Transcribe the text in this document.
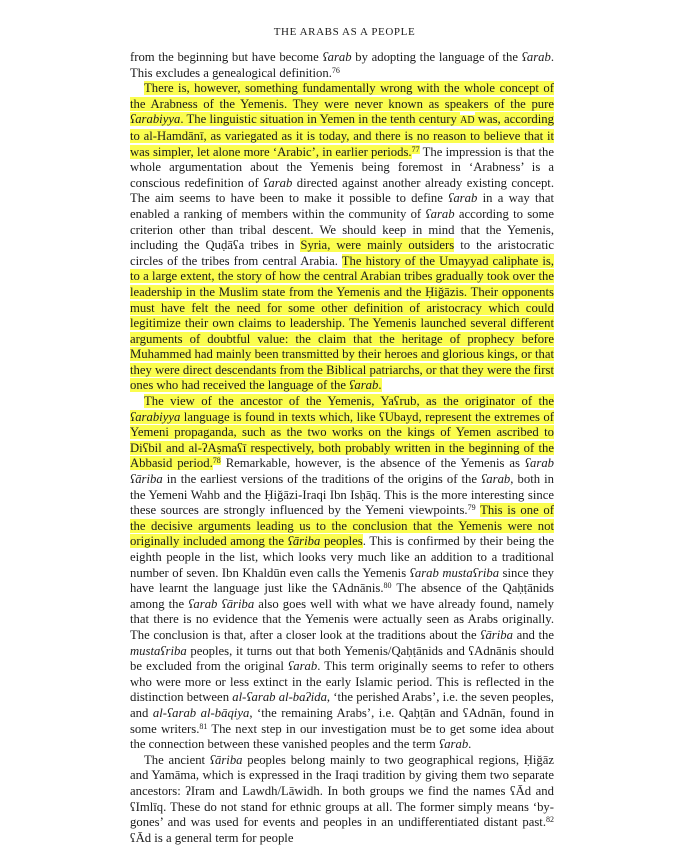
THE ARABS AS A PEOPLE

from the beginning but have become ʕarab by adopting the language of the ʕarab. This excludes a genealogical definition.$^{76}$

There is, however, something fundamentally wrong with the whole concept of the Arabness of the Yemenis. They were never known as speakers of the pure ʕarabiyya. The linguistic situation in Yemen in the tenth century AD was, according to al-Hamdānī, as variegated as it is today, and there is no reason to believe that it was simpler, let alone more ‘Arabic’, in earlier periods.$^{77}$ The impression is that the whole argumentation about the Yemenis being foremost in ‘Arabness’ is a conscious redefinition of ʕarab directed against another already existing concept. The aim seems to have been to make it possible to define ʕarab in a way that enabled a ranking of members within the community of ʕarab according to some criterion other than tribal descent. We should keep in mind that the Yemenis, including the Quḍāʕa tribes in Syria, were mainly outsiders to the aristocratic circles of the tribes from central Arabia. The history of the Umayyad caliphate is, to a large extent, the story of how the central Arabian tribes gradually took over the leadership in the Muslim state from the Yemenis and the Ḥiǧāzis. Their opponents must have felt the need for some other definition of aristocracy which could legitimize their own claims to leadership. The Yemenis launched several different arguments of doubtful value: the claim that the heritage of prophecy before Muhammed had mainly been transmitted by their heroes and glorious kings, or that they were direct descendants from the Biblical patriarchs, or that they were the first ones who had received the language of the ʕarab.

The view of the ancestor of the Yemenis, Yaʕrub, as the originator of the ʕarabiyya language is found in texts which, like ʕUbayd, represent the extremes of Yemeni propaganda, such as the two works on the kings of Yemen ascribed to Diʕbil and al-ʔAṣmaʕī respectively, both probably written in the beginning of the Abbasid period.$^{78}$ Remarkable, however, is the absence of the Yemenis as ʕarab ʕāriba in the earliest versions of the traditions of the origins of the ʕarab, both in the Yemeni Wahb and the Ḥiǧāzi-Iraqi Ibn Isḥāq. This is the more interesting since these sources are strongly influenced by the Yemeni viewpoints.$^{79}$ This is one of the decisive arguments leading us to the conclusion that the Yemenis were not originally included among the ʕāriba peoples. This is confirmed by their being the eighth people in the list, which looks very much like an addition to a traditional number of seven. Ibn Khaldūn even calls the Yemenis ʕarab mustaʕriba since they have learnt the language just like the ʕAdnānis.$^{80}$ The absence of the Qaḥṭānids among the ʕarab ʕāriba also goes well with what we have already found, namely that there is no evidence that the Yemenis were actually seen as Arabs originally. The conclusion is that, after a closer look at the traditions about the ʕāriba and the mustaʕriba peoples, it turns out that both Yemenis/Qaḥṭānids and ʕAdnānis should be excluded from the original ʕarab. This term originally seems to refer to others who were more or less extinct in the early Islamic period. This is reflected in the distinction between al-ʕarab al-baʔida, ‘the perished Arabs’, i.e. the seven peoples, and al-ʕarab al-bāqiya, ‘the remaining Arabs’, i.e. Qaḥṭān and ʕAdnān, found in some writers.$^{81}$ The next step in our investigation must be to get some idea about the connection between these vanished peoples and the term ʕarab.

The ancient ʕāriba peoples belong mainly to two geographical regions, Ḥiǧāz and Yamāma, which is expressed in the Iraqi tradition by giving them two separate ancestors: ʔIram and Lawdh/Lāwidh. In both groups we find the names ʕĀd and ʕImlīq. These do not stand for ethnic groups at all. The former simply means ‘by-gones’ and was used for events and peoples in an undifferentiated distant past.$^{82}$ ʕĀd is a general term for people
